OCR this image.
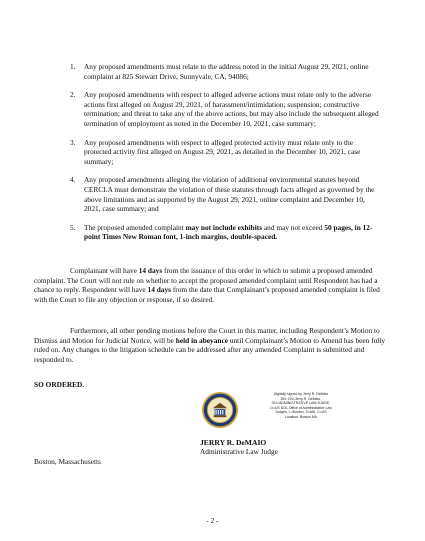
1. Any proposed amendments must relate to the address noted in the initial August 29, 2021, online complaint at 825 Stewart Drive, Sunnyvale, CA, 94086;
2. Any proposed amendments with respect to alleged adverse actions must relate only to the adverse actions first alleged on August 29, 2021, of harassment/intimidation; suspension; constructive termination; and threat to take any of the above actions, but may also include the subsequent alleged termination of employment as noted in the December 10, 2021, case summary;
3. Any proposed amendments with respect to alleged protected activity must relate only to the protected activity first alleged on August 29, 2021, as detailed in the December 10, 2021, case summary;
4. Any proposed amendments alleging the violation of additional environmental statutes beyond CERCLA must demonstrate the violation of these statutes through facts alleged as governed by the above limitations and as supported by the August 29, 2021, online complaint and December 10, 2021, case summary; and
5. The proposed amended complaint may not include exhibits and may not exceed 50 pages, in 12-point Times New Roman font, 1-inch margins, double-spaced.

Complainant will have 14 days from the issuance of this order in which to submit a proposed amended complaint. The Court will not rule on whether to accept the proposed amended complaint until Respondent has had a chance to reply. Respondent will have 14 days from the date that Complainant’s proposed amended complaint is filed with the Court to file any objection or response, if so desired.

Furthermore, all other pending motions before the Court in this matter, including Respondent’s Motion to Dismiss and Motion for Judicial Notice, will be held in abeyance until Complainant’s Motion to Amend has been fully ruled on. Any changes to the litigation schedule can be addressed after any amended Complaint is submitted and responded to.

SO ORDERED.
Digitally signed by Jerry R. DeMaio
DN: CN=Jerry R. DeMaio,
OU=ADMINISTRATIVE LAW JUDGE,
O=US DOL Office of Administrative Law
Judges, L=Boston, S=MA, C=US
Location: Boston MA
JERRY R. DeMAIO
Administrative Law Judge
Boston, Massachusetts
- 2 -
